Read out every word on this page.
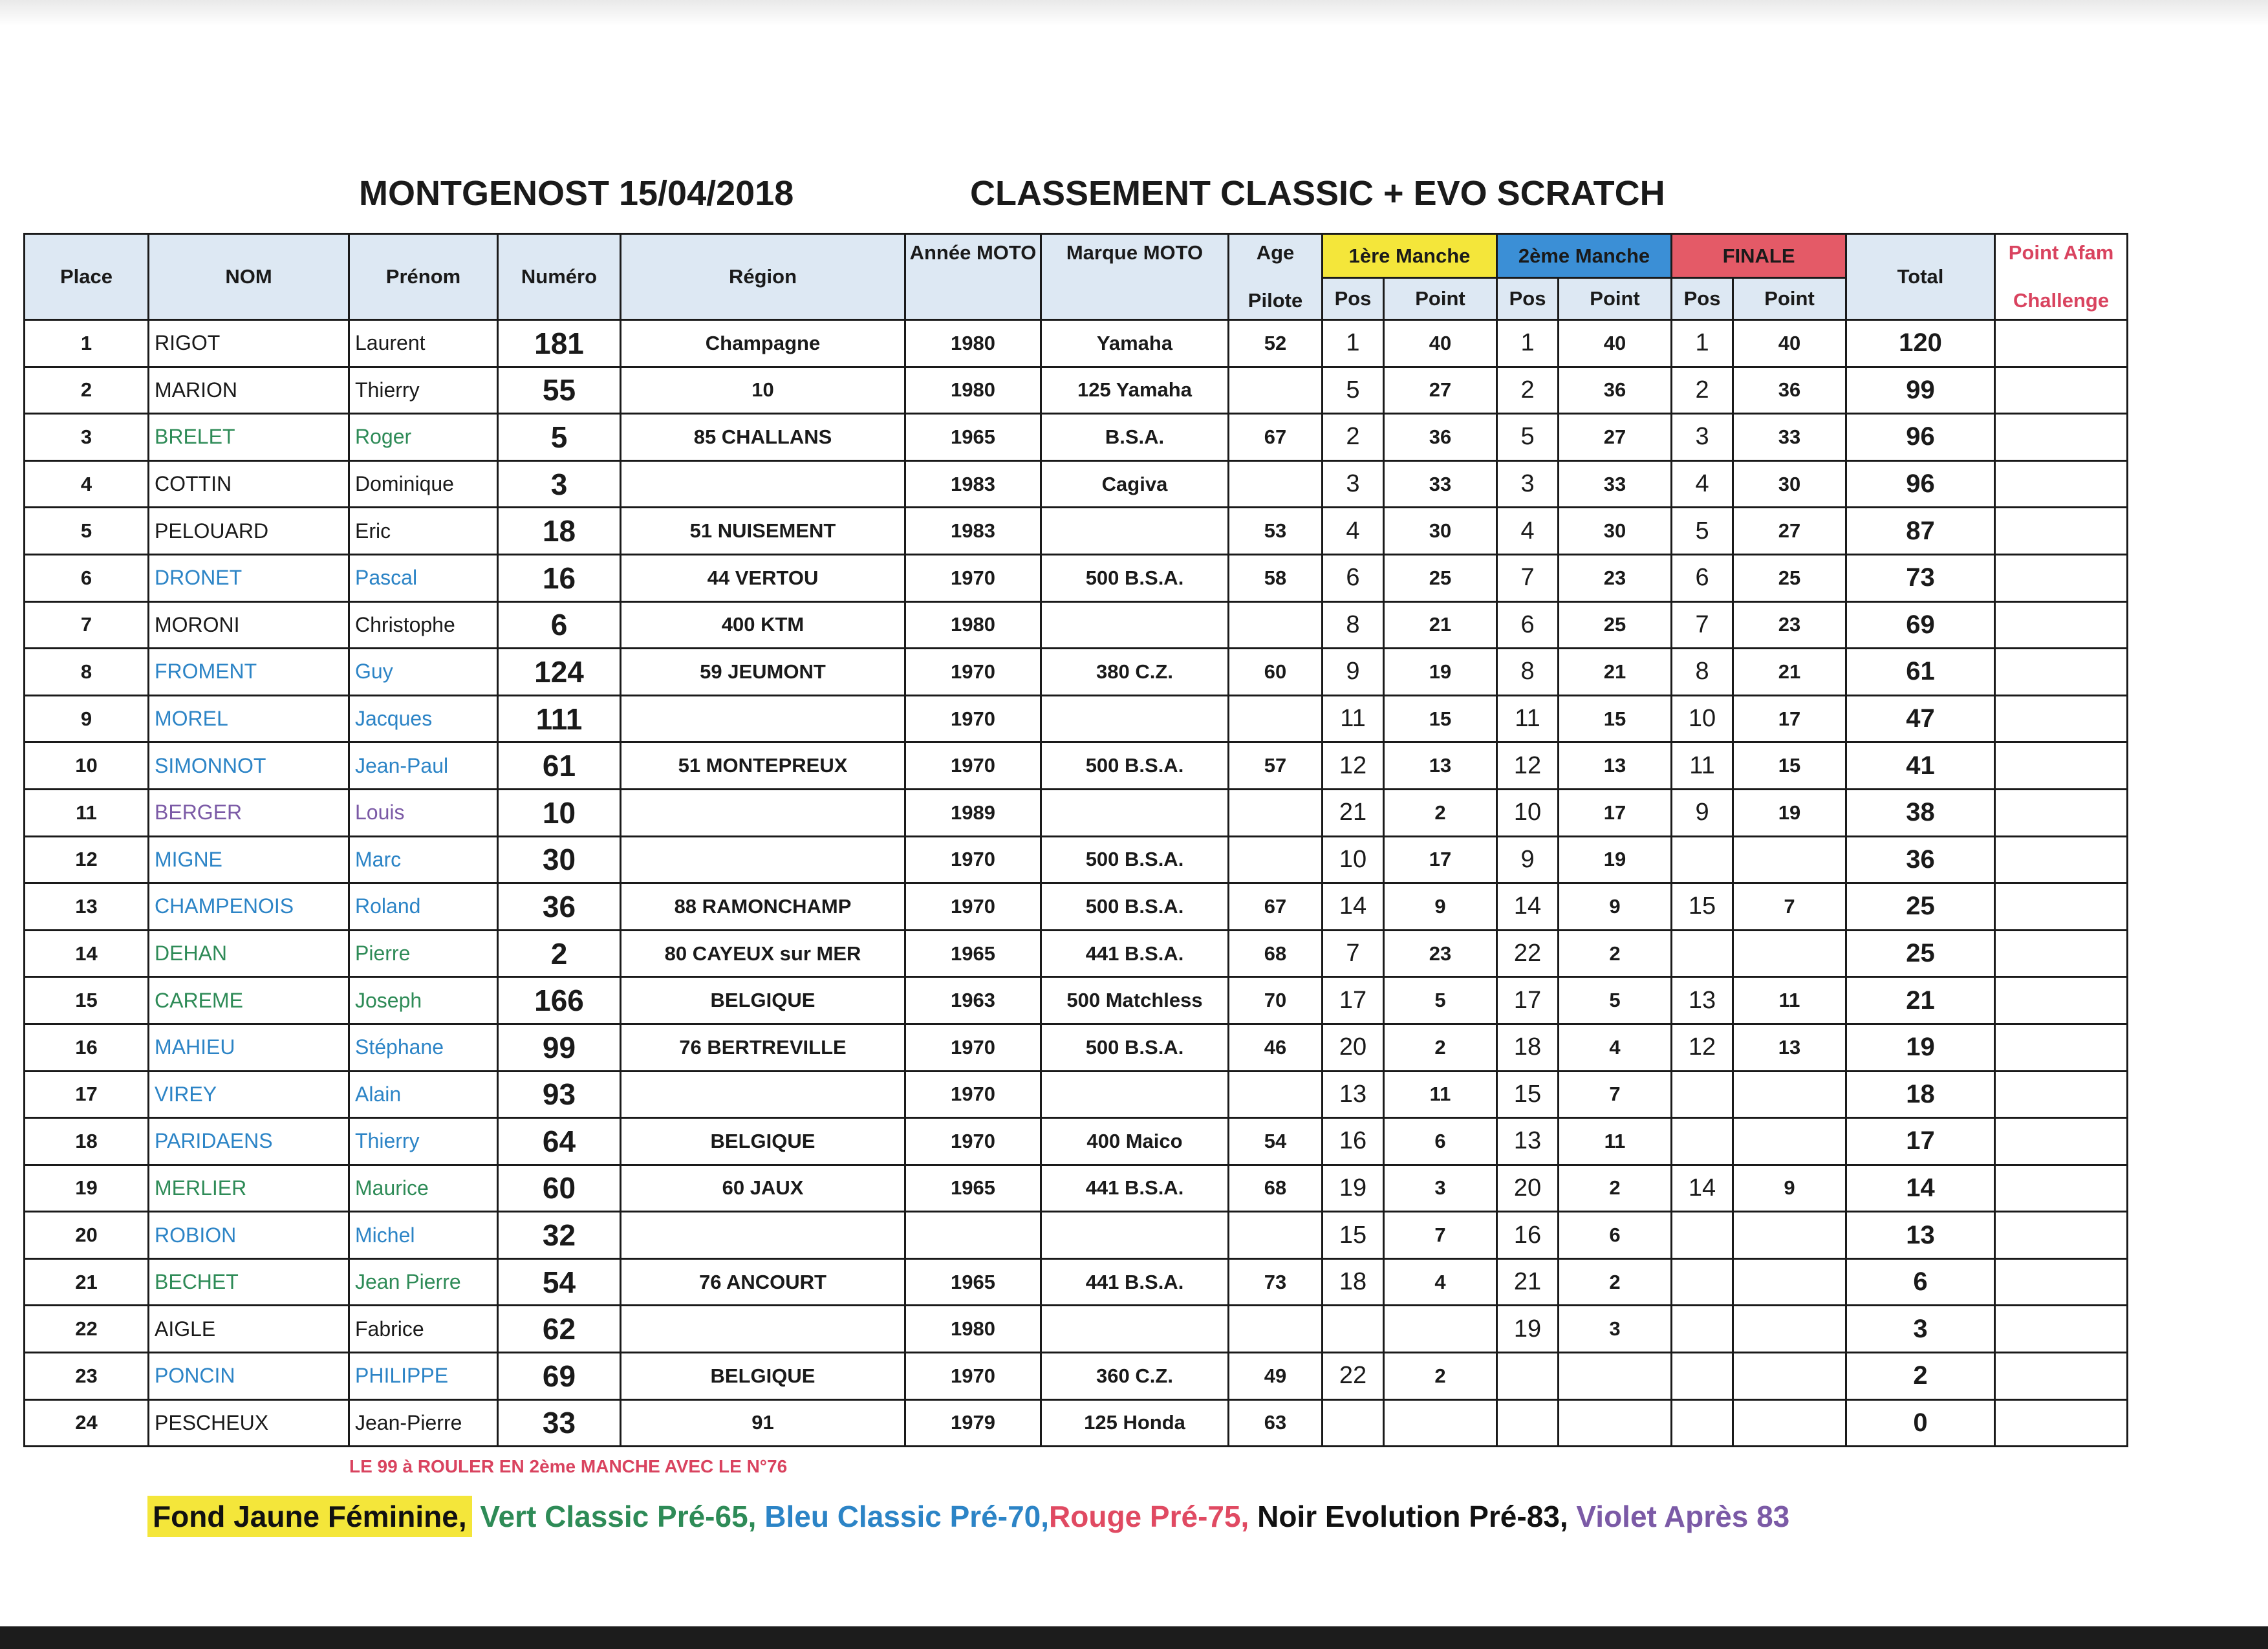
MONTGENOST 15/04/2018	CLASSEMENT CLASSIC + EVO SCRATCH
Place	NOM	Prénom	Numéro	Région	Année MOTO	Marque MOTO	Age
Pilote	1ère Manche		2ème Manche		FINALE		Total	Point Afam
Challenge

								Pos	Point	Pos	Point	Pos	Point		
1	RIGOT	Laurent	181	Champagne	1980	Yamaha	52	1	40	1	40	1	40	120	
2	MARION	Thierry	55	10	1980	125 Yamaha		5	27	2	36	2	36	99	
3	BRELET	Roger	5	85 CHALLANS	1965	B.S.A.	67	2	36	5	27	3	33	96	
4	COTTIN	Dominique	3		1983	Cagiva		3	33	3	33	4	30	96	
5	PELOUARD	Eric	18	51 NUISEMENT	1983		53	4	30	4	30	5	27	87	
6	DRONET	Pascal	16	44 VERTOU	1970	500 B.S.A.	58	6	25	7	23	6	25	73	
7	MORONI	Christophe	6	400 KTM	1980			8	21	6	25	7	23	69	
8	FROMENT	Guy	124	59 JEUMONT	1970	380 C.Z.	60	9	19	8	21	8	21	61	
9	MOREL	Jacques	111		1970			11	15	11	15	10	17	47	
10	SIMONNOT	Jean-Paul	61	51 MONTEPREUX	1970	500 B.S.A.	57	12	13	12	13	11	15	41	
11	BERGER	Louis	10		1989			21	2	10	17	9	19	38	
12	MIGNE	Marc	30		1970	500 B.S.A.		10	17	9	19			36	
13	CHAMPENOIS	Roland	36	88 RAMONCHAMP	1970	500 B.S.A.	67	14	9	14	9	15	7	25	
14	DEHAN	Pierre	2	80 CAYEUX sur MER	1965	441 B.S.A.	68	7	23	22	2			25	
15	CAREME	Joseph	166	BELGIQUE	1963	500 Matchless	70	17	5	17	5	13	11	21	
16	MAHIEU	Stéphane	99	76 BERTREVILLE	1970	500 B.S.A.	46	20	2	18	4	12	13	19	
17	VIREY	Alain	93		1970			13	11	15	7			18	
18	PARIDAENS	Thierry	64	BELGIQUE	1970	400 Maico	54	16	6	13	11			17	
19	MERLIER	Maurice	60	60 JAUX	1965	441 B.S.A.	68	19	3	20	2	14	9	14	
20	ROBION	Michel	32					15	7	16	6			13	
21	BECHET	Jean Pierre	54	76 ANCOURT	1965	441 B.S.A.	73	18	4	21	2			6	
22	AIGLE	Fabrice	62		1980					19	3			3	
23	PONCIN	PHILIPPE	69	BELGIQUE	1970	360 C.Z.	49	22	2					2	
24	PESCHEUX	Jean-Pierre	33	91	1979	125 Honda	63							0	
LE 99 à ROULER EN 2ème MANCHE AVEC LE N°76
Fond Jaune Féminine, Vert Classic Pré-65, Bleu Classic Pré-70,Rouge Pré-75, Noir Evolution Pré-83, Violet Après 83
